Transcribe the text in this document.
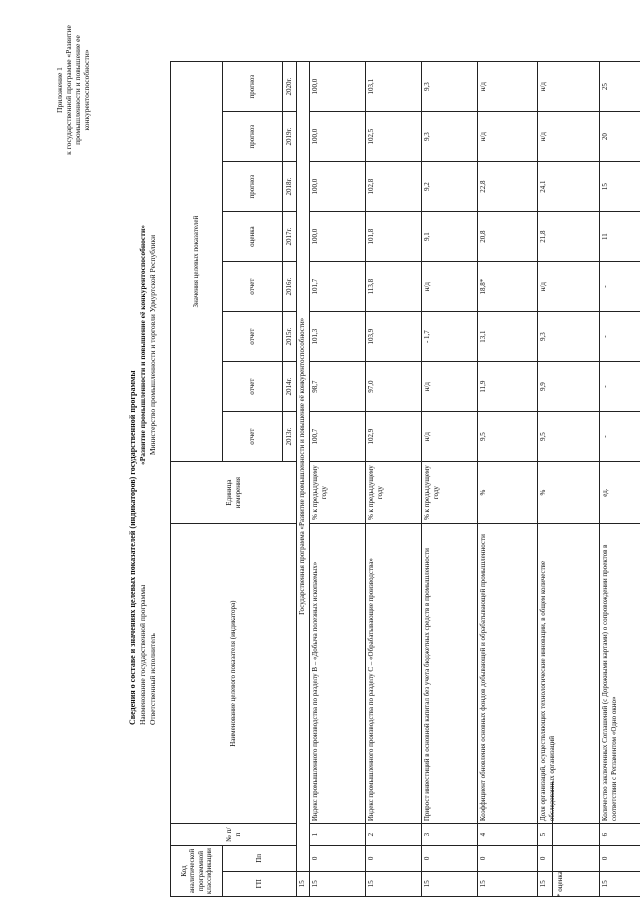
Приложение 1 к государственной программе «Развитие промышленности и повышение ее конкурентоспособности»
Сведения о составе и значениях целевых показателей (индикаторов) государственной программы Наименование государственной программы
«Развитие промышленности и повышение её конкурентоспособности»
Ответственный исполнитель
Министерство промышленности и торговли Удмуртской Республики
Код аналитической программной классификации		№ п/п	Наименование целевого показателя (индикатора)	Единица измерения	Значения целевых показателей							
ГП	Пп				отчет	отчет	отчет	отчет	оценка	прогноз	прогноз	прогноз
					2013г.	2014г.	2015г.	2016г.	2017г.	2018г.	2019г.	2020г.
15	Государственная программа «Развитие промышленности и повышение её конкурентоспособности»											
15	0	1	Индекс промышленного производства по разделу В – «Добыча полезных ископаемых»	% к предыдущему году	100,7	98,7	101,3	101,7	100,0	100,0	100,0	100,0
15	0	2	Индекс промышленного производства по разделу С – «Обрабатывающие производства»	% к предыдущему году	102,9	97,0	103,9	113,8	101,8	102,8	102,5	103,1
15	0	3	Прирост инвестиций в основной капитал без учета бюджетных средств в промышленности	% к предыдущему году	н/д	н/д	- 1,7	н/д	9,1	9,2	9,3	9,3
15	0	4	Коэффициент обновления основных фондов добывающей и обрабатывающей промышленности	%	9,5	11,9	13,1	18,8*	20,8	22,8	н/д	н/д
15	0	5	Доля организаций, осуществляющих технологические инновации, в общем количестве обследованных организаций	%	9,5	9,9	9,3	н/д	21,8	24,1	н/д	н/д
15	0	6	Количество заключенных Соглашений (с Дорожными картами) о сопровождении проектов в соответствии с Регламентом «Одно окно»	ед.	-	-	-	-	11	15	20	25
* оценка
